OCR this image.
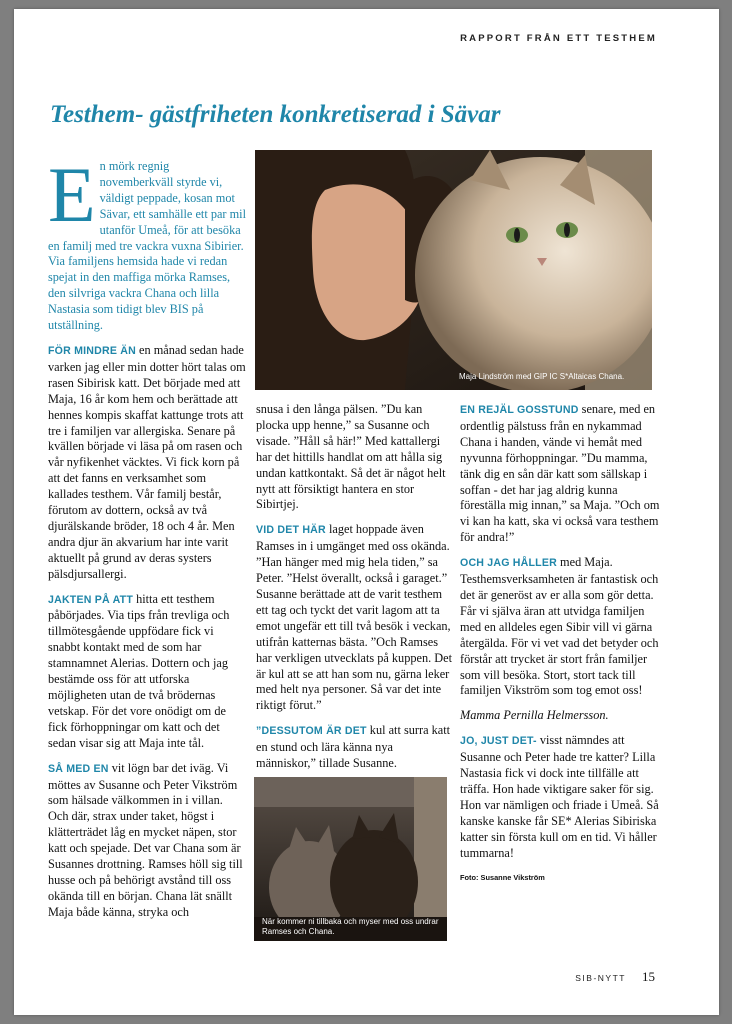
RAPPORT FRÅN ETT TESTHEM
Testhem- gästfriheten konkretiserad i Sävar

En mörk regnig novemberkväll styrde vi, väldigt peppade, kosan mot Sävar, ett samhälle ett par mil utanför Umeå, för att besöka en familj med tre vackra vuxna Sibirier. Via familjens hemsida hade vi redan spejat in den maffiga mörka Ramses, den silvriga vackra Chana och lilla Nastasia som tidigt blev BIS på utställning.

FÖR MINDRE ÄN en månad sedan hade varken jag eller min dotter hört talas om rasen Sibirisk katt. Det började med att Maja, 16 år kom hem och berättade att hennes kompis skaffat kattunge trots att tre i familjen var allergiska. Senare på kvällen började vi läsa på om rasen och vår nyfikenhet väcktes. Vi fick korn på att det fanns en verksamhet som kallades testhem. Vår familj består, förutom av dottern, också av två djurälskande bröder, 18 och 4 år. Men andra djur än akvarium har inte varit aktuellt på grund av deras systers pälsdjursallergi.

JAKTEN PÅ ATT hitta ett testhem påbörjades. Via tips från trevliga och tillmötesgående uppfödare fick vi snabbt kontakt med de som har stamnamnet Alerias. Dottern och jag bestämde oss för att utforska möjligheten utan de två brödernas vetskap. För det vore onödigt om de fick förhoppningar om katt och det sedan visar sig att Maja inte tål.

SÅ MED EN vit lögn bar det iväg. Vi möttes av Susanne och Peter Vikström som hälsade välkommen in i villan. Och där, strax under taket, högst i klätterträdet låg en mycket näpen, stor katt och spejade. Det var Chana som är Susannes drottning. Ramses höll sig till husse och på behörigt avstånd till oss okända till en början. Chana lät snällt Maja både känna, stryka och

Maja Lindström med GIP IC S*Altaicas Chana.

snusa i den långa pälsen. ”Du kan plocka upp henne,” sa Susanne och visade. ”Håll så här!” Med kattallergi har det hittills handlat om att hålla sig undan kattkontakt. Så det är något helt nytt att försiktigt hantera en stor Sibirtjej.

VID DET HÄR laget hoppade även Ramses in i umgänget med oss okända. ”Han hänger med mig hela tiden,” sa Peter. ”Helst överallt, också i garaget.” Susanne berättade att de varit testhem ett tag och tyckt det varit lagom att ta emot ungefär ett till två besök i veckan, utifrån katternas bästa. ”Och Ramses har verkligen utvecklats på kuppen. Det är kul att se att han som nu, gärna leker med helt nya personer. Så var det inte riktigt förut.”

”DESSUTOM ÄR DET kul att surra katt en stund och lära känna nya människor,” tillade Susanne.

När kommer ni tillbaka och myser med oss undrar Ramses och Chana.

EN REJÄL GOSSTUND senare, med en ordentlig pälstuss från en nykammad Chana i handen, vände vi hemåt med nyvunna förhoppningar. ”Du mamma, tänk dig en sån där katt som sällskap i soffan - det har jag aldrig kunna föreställa mig innan,” sa Maja. ”Och om vi kan ha katt, ska vi också vara testhem för andra!”

OCH JAG HÅLLER med Maja. Testhemsverksamheten är fantastisk och det är generöst av er alla som gör detta. Får vi själva äran att utvidga familjen med en alldeles egen Sibir vill vi gärna återgälda. För vi vet vad det betyder och förstår att trycket är stort från familjer som vill besöka. Stort, stort tack till familjen Vikström som tog emot oss!

Mamma Pernilla Helmersson.

JO, JUST DET- visst nämndes att Susanne och Peter hade tre katter? Lilla Nastasia fick vi dock inte tillfälle att träffa. Hon hade viktigare saker för sig. Hon var nämligen och friade i Umeå. Så kanske kanske får SE* Alerias Sibiriska katter sin första kull om en tid. Vi håller tummarna!

Foto: Susanne Vikström

SIB-NYTT 15
